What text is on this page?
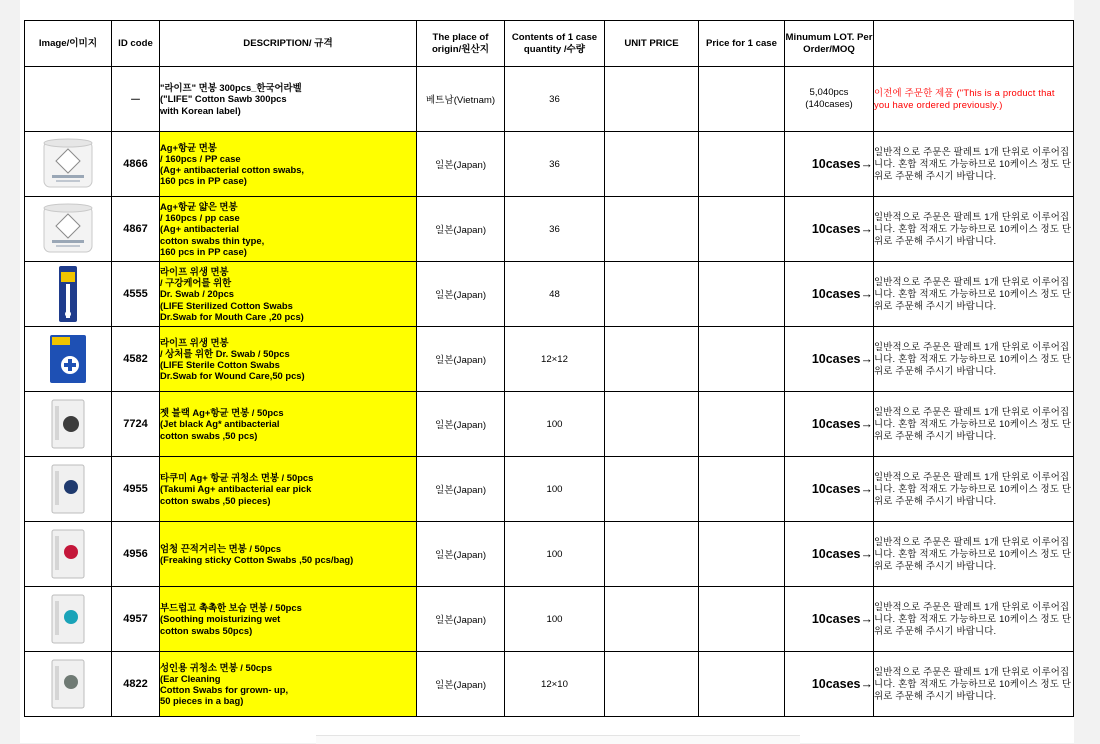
Image/이미지	ID code	DESCRIPTION/ 규격	The place of origin/원산지	Contents of 1 case quantity /수량	UNIT PRICE	Price for 1 case	Minumum LOT. Per Order/MOQ	
	－	"라이프" 면봉 300pcs_한국어라벨
("LIFE" Cotton Sawb 300pcs
with Korean label)	베트남(Vietnam)	36			5,040pcs
(140cases)	이전에 주문한 제품 ("This is a product that you have ordered previously.)
	4866	Ag+항균 면봉
/ 160pcs / PP case
(Ag+ antibacterial cotton swabs,
160 pcs in PP case)	일본(Japan)	36			10cases→	일반적으로 주문은 팔레트 1개 단위로 이루어집니다. 혼합 적재도 가능하므로 10케이스 정도 단위로 주문해 주시기 바랍니다.
	4867	Ag+항균 얇은 면봉
/ 160pcs / pp case
(Ag+ antibacterial
cotton swabs thin type,
160 pcs in PP case)	일본(Japan)	36			10cases→	일반적으로 주문은 팔레트 1개 단위로 이루어집니다. 혼합 적재도 가능하므로 10케이스 정도 단위로 주문해 주시기 바랍니다.
	4555	라이프 위생 면봉
/ 구강케어를 위한
Dr. Swab / 20pcs
(LIFE Sterilized Cotton Swabs
Dr.Swab for Mouth Care ,20 pcs)	일본(Japan)	48			10cases→	일반적으로 주문은 팔레트 1개 단위로 이루어집니다. 혼합 적재도 가능하므로 10케이스 정도 단위로 주문해 주시기 바랍니다.
	4582	라이프 위생 면봉
/ 상처를 위한 Dr. Swab / 50pcs
(LIFE Sterile Cotton Swabs
Dr.Swab for Wound Care,50 pcs)	일본(Japan)	12×12			10cases→	일반적으로 주문은 팔레트 1개 단위로 이루어집니다. 혼합 적재도 가능하므로 10케이스 정도 단위로 주문해 주시기 바랍니다.
	7724	젯 블랙 Ag+항균 면봉 / 50pcs
(Jet black Ag* antibacterial
cotton swabs ,50 pcs)	일본(Japan)	100			10cases→	일반적으로 주문은 팔레트 1개 단위로 이루어집니다. 혼합 적재도 가능하므로 10케이스 정도 단위로 주문해 주시기 바랍니다.
	4955	타쿠미 Ag+ 항균 귀청소 면봉 / 50pcs
(Takumi Ag+ antibacterial ear pick
cotton swabs ,50 pieces)	일본(Japan)	100			10cases→	일반적으로 주문은 팔레트 1개 단위로 이루어집니다. 혼합 적재도 가능하므로 10케이스 정도 단위로 주문해 주시기 바랍니다.
	4956	엄청 끈적거리는 면봉 / 50pcs
(Freaking sticky Cotton Swabs ,50 pcs/bag)	일본(Japan)	100			10cases→	일반적으로 주문은 팔레트 1개 단위로 이루어집니다. 혼합 적재도 가능하므로 10케이스 정도 단위로 주문해 주시기 바랍니다.
	4957	부드럽고 촉촉한 보습 면봉 / 50pcs
(Soothing moisturizing wet
cotton swabs 50pcs)	일본(Japan)	100			10cases→	일반적으로 주문은 팔레트 1개 단위로 이루어집니다. 혼합 적재도 가능하므로 10케이스 정도 단위로 주문해 주시기 바랍니다.
	4822	성인용 귀청소 면봉 / 50cps
(Ear Cleaning
Cotton Swabs for grown- up,
50 pieces in a bag)	일본(Japan)	12×10			10cases→	일반적으로 주문은 팔레트 1개 단위로 이루어집니다. 혼합 적재도 가능하므로 10케이스 정도 단위로 주문해 주시기 바랍니다.
